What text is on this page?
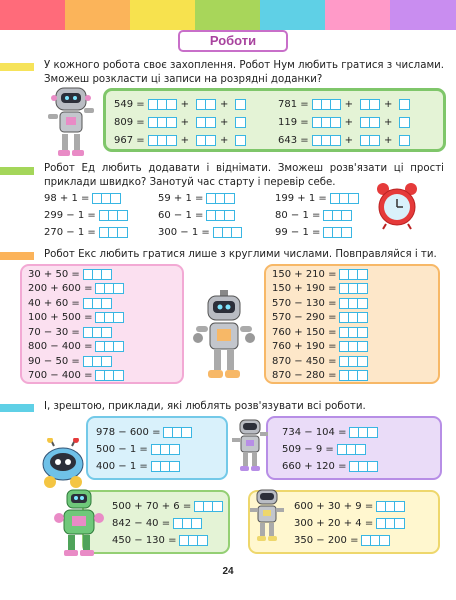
Роботи
У кожного робота своє захоплення. Робот Нум любить гратися з числами. Зможеш розкласти ці записи на розрядні доданки?
549 =	+	+
809 =	+	+
967 =	+	+
781 =	+	+
119 =	+	+
643 =	+	+
Робот Ед любить додавати і віднімати. Зможеш розв'язати ці прості приклади швидко? Занотуй час старту і перевір себе.
98 + 1 =
299 − 1 =
270 − 1 =
59 + 1 =
60 − 1 =
300 − 1 =
199 + 1 =
80 − 1 =
99 − 1 =
Робот Екс любить гратися лише з круглими числами. Повправляйся і ти.
30 + 50 =
200 + 600 =
40 + 60 =
100 + 500 =
70 − 30 =
800 − 400 =
90 − 50 =
700 − 400 =
150 + 210 =
150 + 190 =
570 − 130 =
570 − 290 =
760 + 150 =
760 + 190 =
870 − 450 =
870 − 280 =
І, зрештою, приклади, які люблять розв'язувати всі роботи.
978 − 600 =
500 − 1 =
400 − 1 =
734 − 104 =
509 − 9 =
660 + 120 =
500 + 70 + 6 =
842 − 40 =
450 − 130 =
600 + 30 + 9 =
300 + 20 + 4 =
350 − 200 =
24
